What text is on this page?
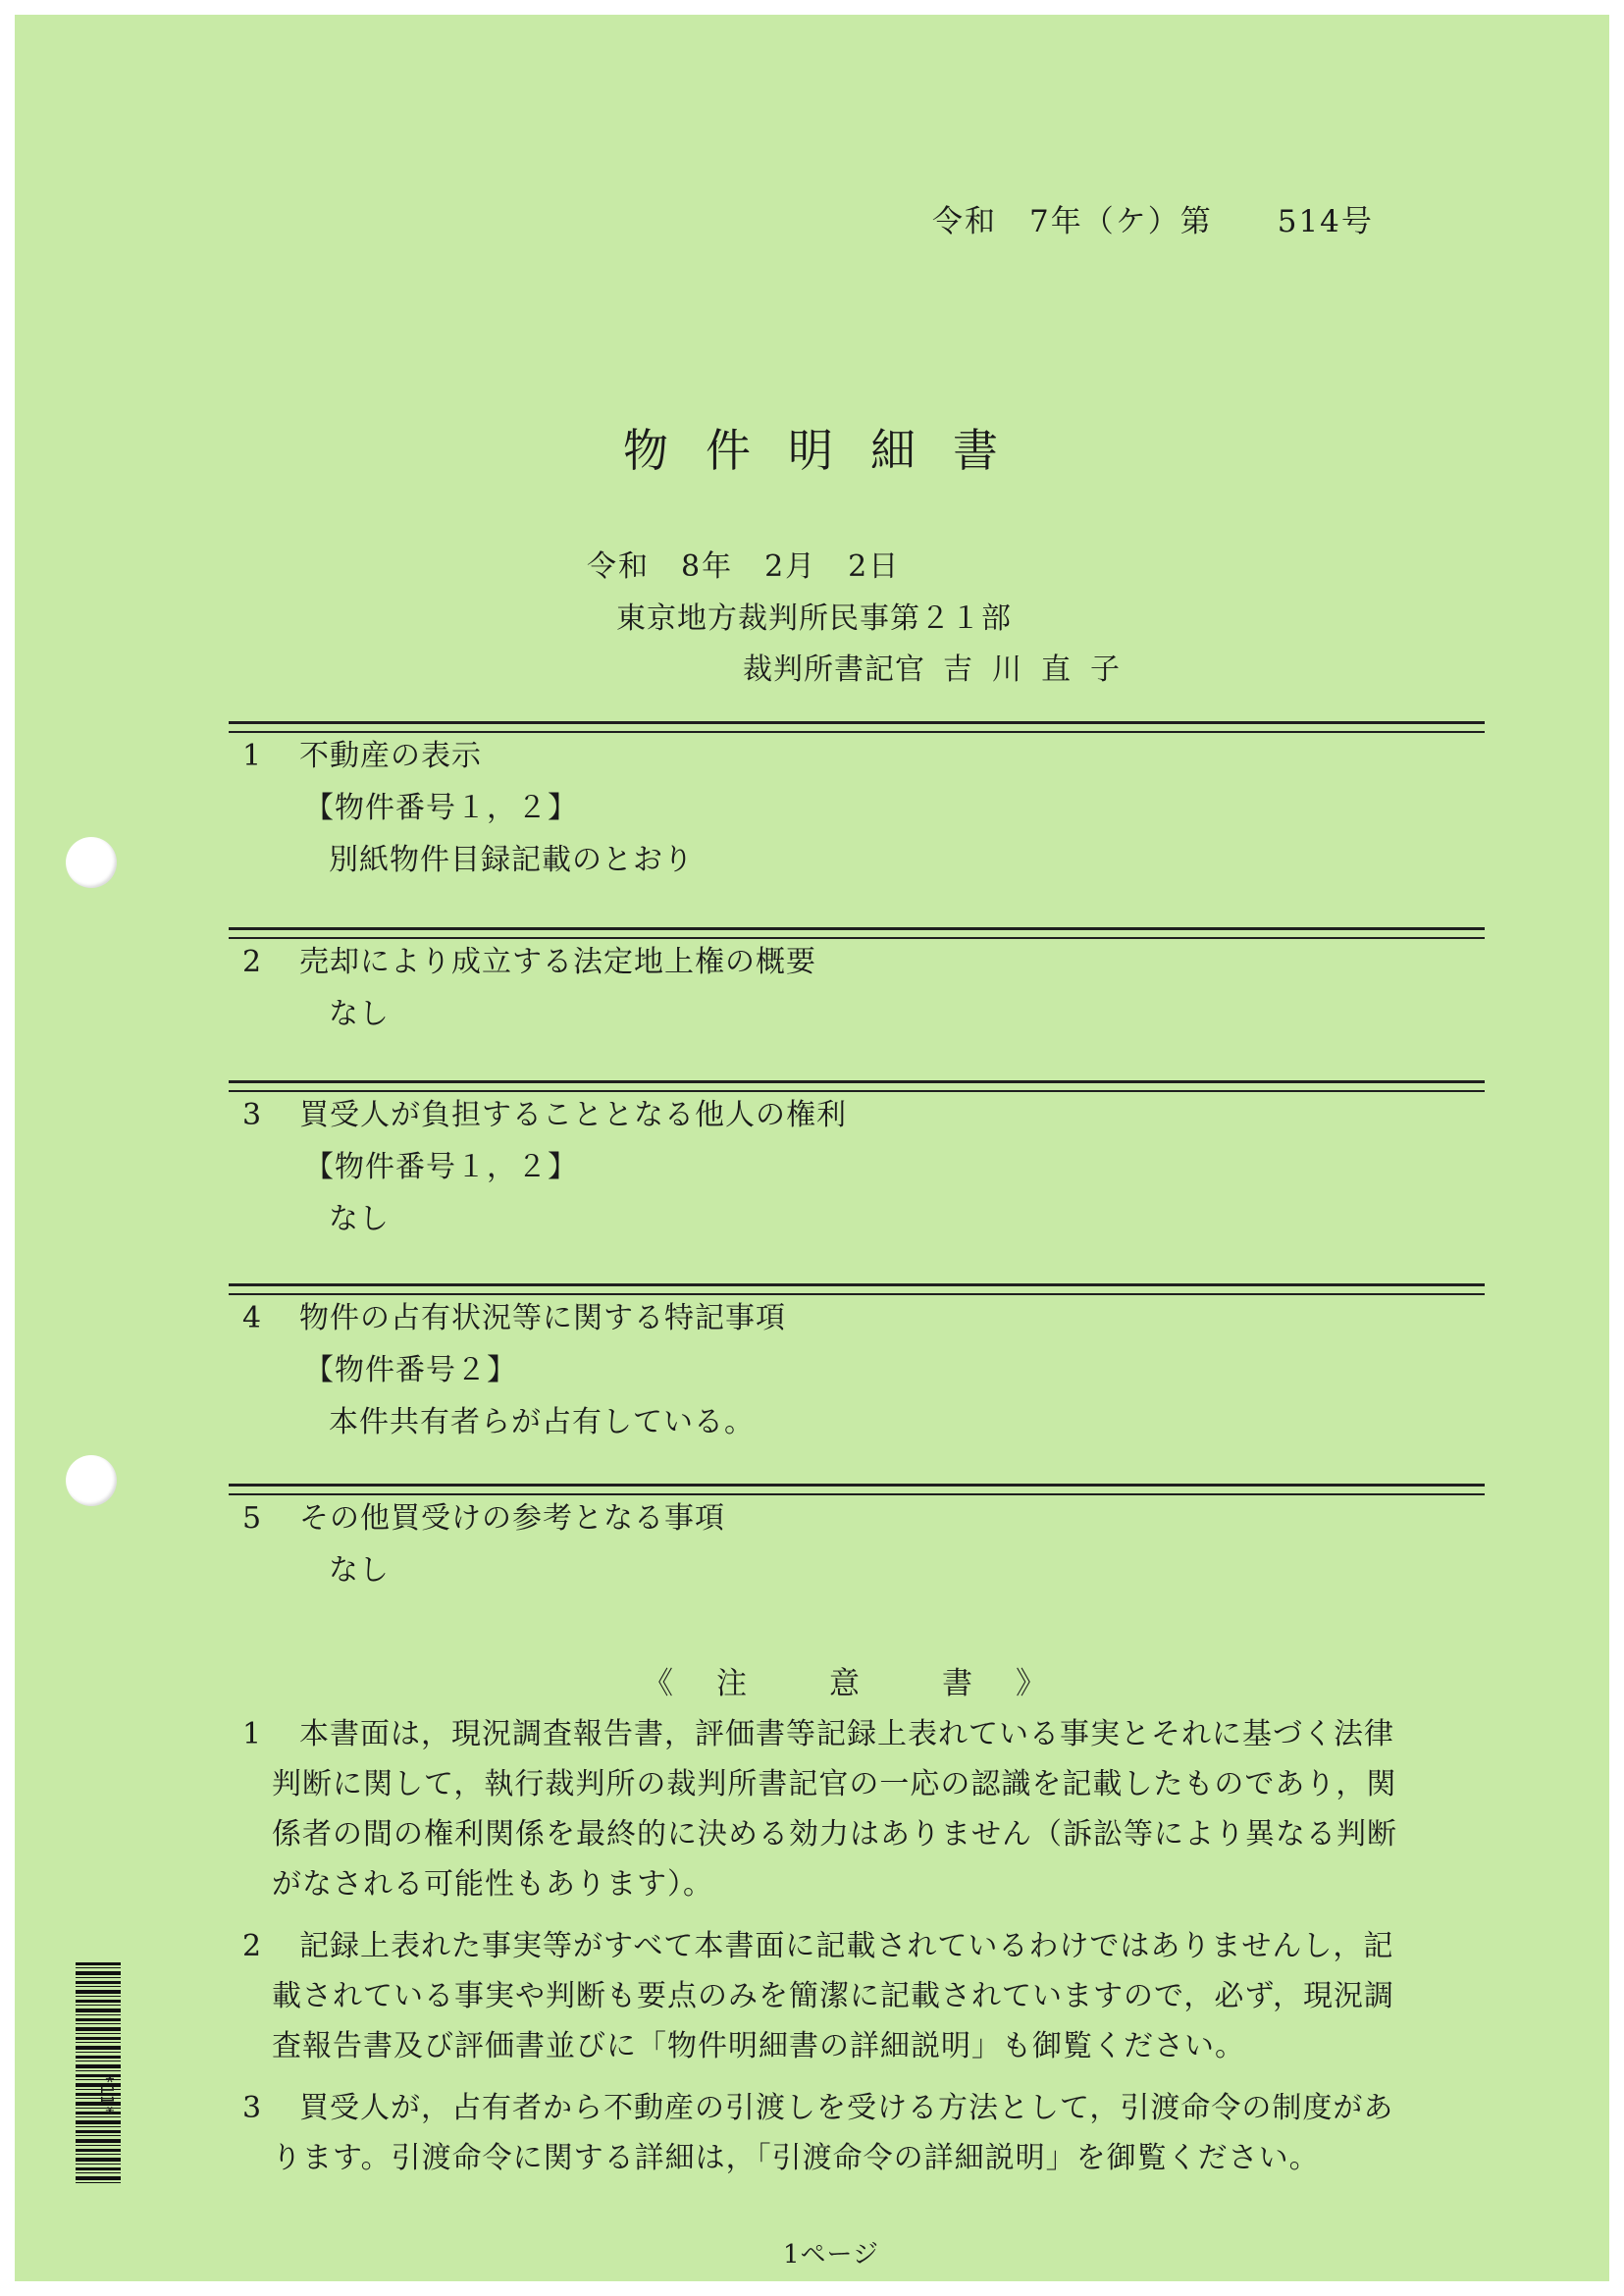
令和　7年（ケ）第　　514号
物件明細書
令和　8年　2月　2日
東京地方裁判所民事第２１部
裁判所書記官 吉川直子
1 不動産の表示
【物件番号１，２】
別紙物件目録記載のとおり
2 売却により成立する法定地上権の概要
なし
3 買受人が負担することとなる他人の権利
【物件番号１，２】
なし
4 物件の占有状況等に関する特記事項
【物件番号２】
本件共有者らが占有している。
5 その他買受けの参考となる事項
なし
《 注	意	書 》
1 本書面は，現況調査報告書，評価書等記録上表れている事実とそれに基づく法律
判断に関して，執行裁判所の裁判所書記官の一応の認識を記載したものであり，関
係者の間の権利関係を最終的に決める効力はありません（訴訟等により異なる判断
がなされる可能性もあります）。
2 記録上表れた事実等がすべて本書面に記載されているわけではありませんし，記
載されている事実や判断も要点のみを簡潔に記載されていますので，必ず，現況調
査報告書及び評価書並びに「物件明細書の詳細説明」も御覧ください。
3 買受人が，占有者から不動産の引渡しを受ける方法として，引渡命令の制度があ
ります。引渡命令に関する詳細は，「引渡命令の詳細説明」を御覧ください。
*11*
1ページ
